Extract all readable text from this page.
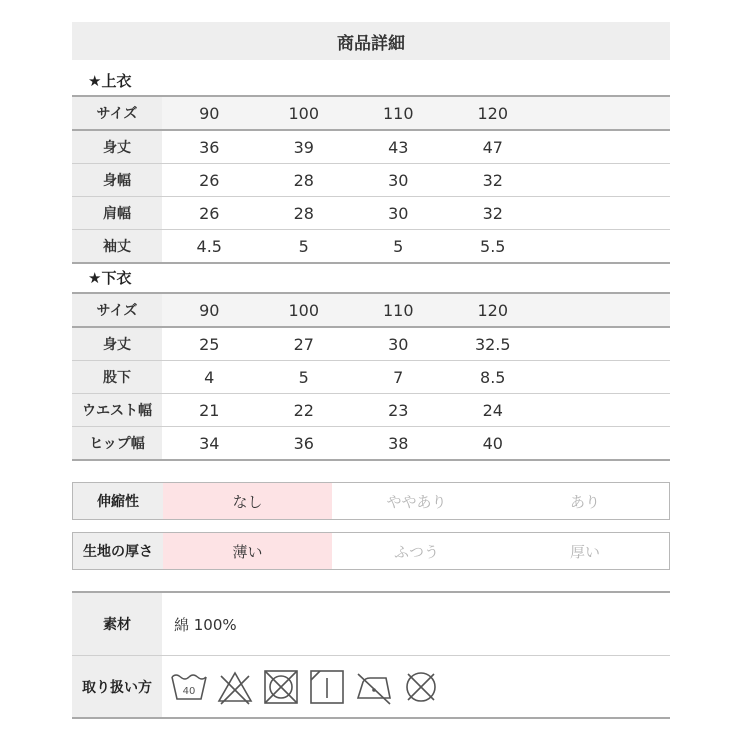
商品詳細
★上衣
サイズ	90	100	110	120	
身丈	36	39	43	47	
身幅	26	28	30	32	
肩幅	26	28	30	32	
袖丈	4.5	5	5	5.5	
★下衣
サイズ	90	100	110	120	
身丈	25	27	30	32.5	
股下	4	5	7	8.5	
ウエスト幅	21	22	23	24	
ヒップ幅	34	36	38	40	
伸縮性	なし	ややあり	あり
生地の厚さ	薄い	ふつう	厚い
素材	綿 100%
取り扱い方	40
